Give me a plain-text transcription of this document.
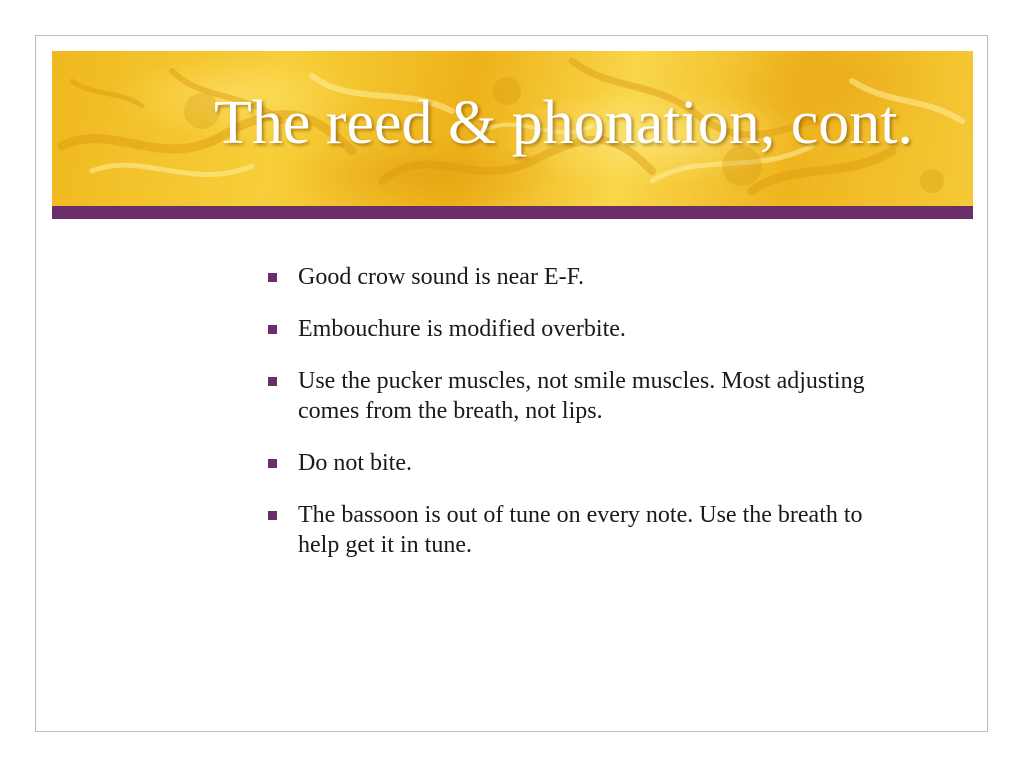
The reed & phonation, cont.
Good crow sound is near E-F.
Embouchure is modified overbite.
Use the pucker muscles, not smile muscles. Most adjusting comes from the breath, not lips.
Do not bite.
The bassoon is out of tune on every note. Use the breath to help get it in tune.
